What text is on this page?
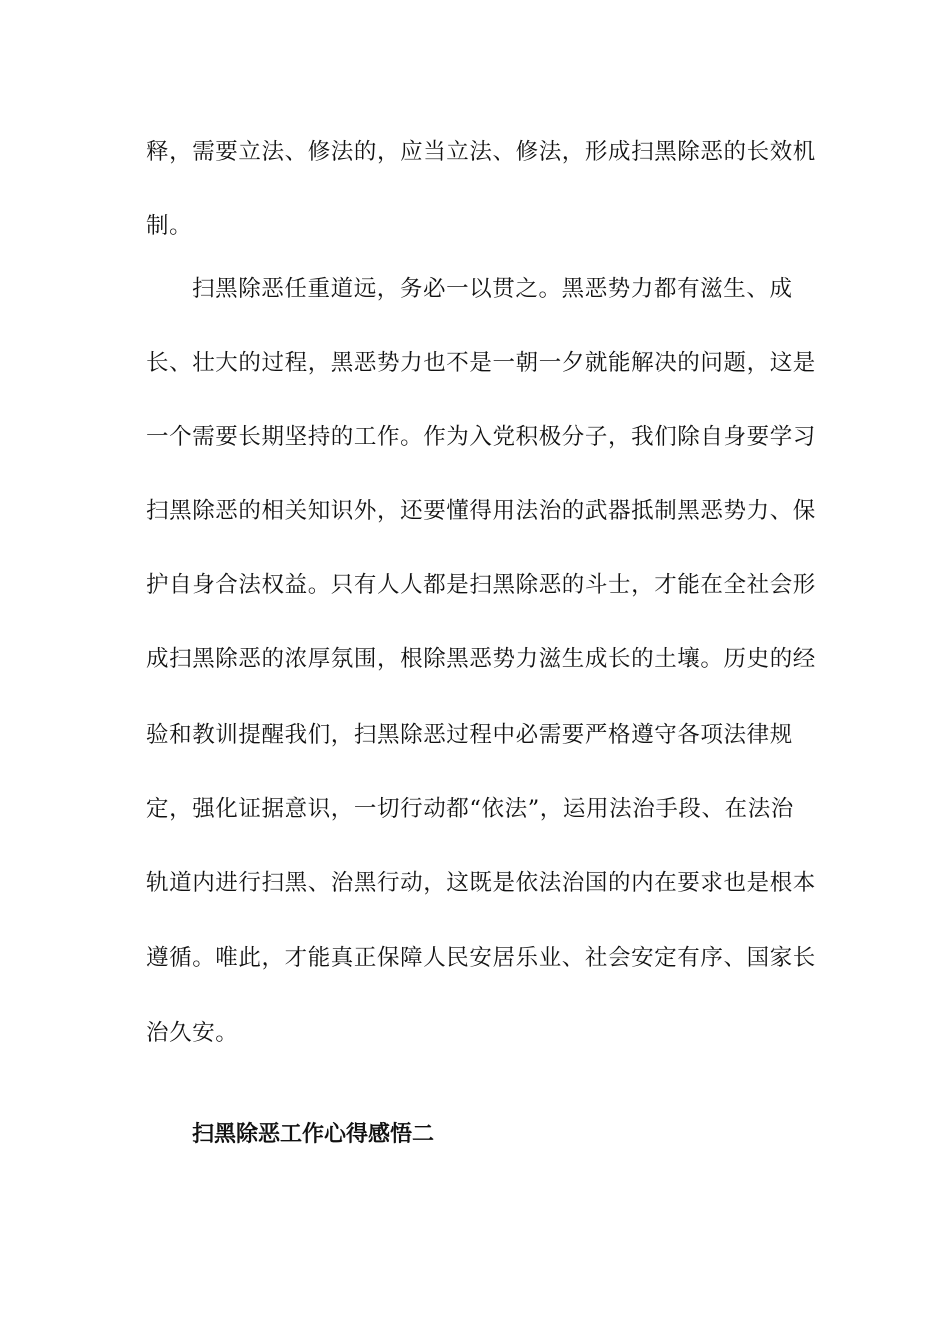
释，需要立法、修法的，应当立法、修法，形成扫黑除恶的长效机
制。
扫黑除恶任重道远，务必一以贯之。黑恶势力都有滋生、成
长、壮大的过程，黑恶势力也不是一朝一夕就能解决的问题，这是
一个需要长期坚持的工作。作为入党积极分子，我们除自身要学习
扫黑除恶的相关知识外，还要懂得用法治的武器抵制黑恶势力、保
护自身合法权益。只有人人都是扫黑除恶的斗士，才能在全社会形
成扫黑除恶的浓厚氛围，根除黑恶势力滋生成长的土壤。历史的经
验和教训提醒我们，扫黑除恶过程中必需要严格遵守各项法律规
定，强化证据意识，一切行动都“依法”，运用法治手段、在法治
轨道内进行扫黑、治黑行动，这既是依法治国的内在要求也是根本
遵循。唯此，才能真正保障人民安居乐业、社会安定有序、国家长
治久安。
扫黑除恶工作心得感悟二
